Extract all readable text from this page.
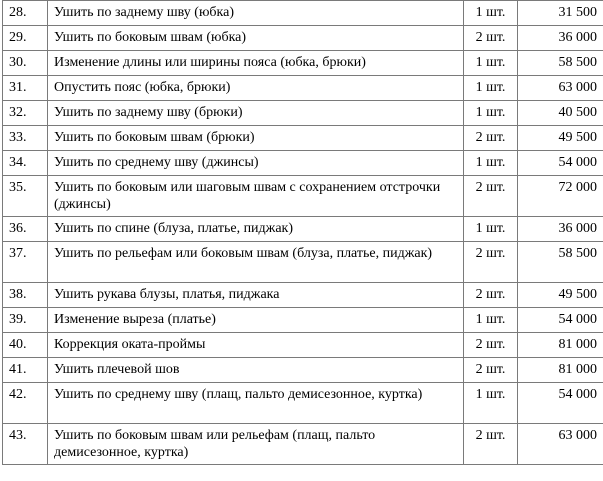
28.	Ушить по заднему шву (юбка)	1 шт.	31 500
29.	Ушить по боковым швам (юбка)	2 шт.	36 000
30.	Изменение длины или ширины пояса (юбка, брюки)	1 шт.	58 500
31.	Опустить пояс (юбка, брюки)	1 шт.	63 000
32.	Ушить по заднему шву (брюки)	1 шт.	40 500
33.	Ушить по боковым швам (брюки)	2 шт.	49 500
34.	Ушить по среднему шву (джинсы)	1 шт.	54 000
35.	Ушить по боковым или шаговым швам с сохранением отстрочки (джинсы)	2 шт.	72 000
36.	Ушить по спине (блуза, платье, пиджак)	1 шт.	36 000
37.	Ушить по рельефам или боковым швам (блуза, платье, пиджак)	2 шт.	58 500
38.	Ушить рукава блузы, платья, пиджака	2 шт.	49 500
39.	Изменение выреза (платье)	1 шт.	54 000
40.	Коррекция оката-проймы	2 шт.	81 000
41.	Ушить плечевой шов	2 шт.	81 000
42.	Ушить по среднему шву (плащ, пальто демисезонное, куртка)	1 шт.	54 000
43.	Ушить по боковым швам или рельефам (плащ, пальто демисезонное, куртка)	2 шт.	63 000
